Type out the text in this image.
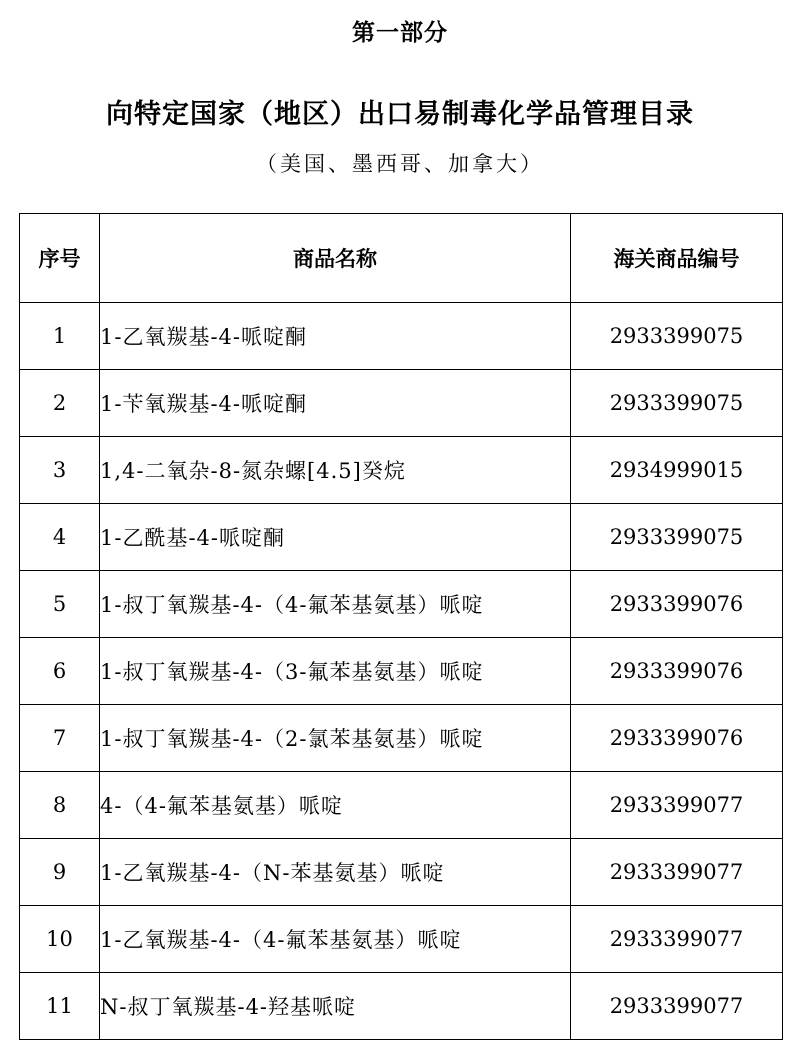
第一部分
向特定国家（地区）出口易制毒化学品管理目录
（美国、墨西哥、加拿大）
序号	商品名称	海关商品编号
1	1-乙氧羰基-4-哌啶酮	2933399075
2	1-苄氧羰基-4-哌啶酮	2933399075
3	1,4-二氧杂-8-氮杂螺[4.5]癸烷	2934999015
4	1-乙酰基-4-哌啶酮	2933399075
5	1-叔丁氧羰基-4-（4-氟苯基氨基）哌啶	2933399076
6	1-叔丁氧羰基-4-（3-氟苯基氨基）哌啶	2933399076
7	1-叔丁氧羰基-4-（2-氯苯基氨基）哌啶	2933399076
8	4-（4-氟苯基氨基）哌啶	2933399077
9	1-乙氧羰基-4-（N-苯基氨基）哌啶	2933399077
10	1-乙氧羰基-4-（4-氟苯基氨基）哌啶	2933399077
11	N-叔丁氧羰基-4-羟基哌啶	2933399077
